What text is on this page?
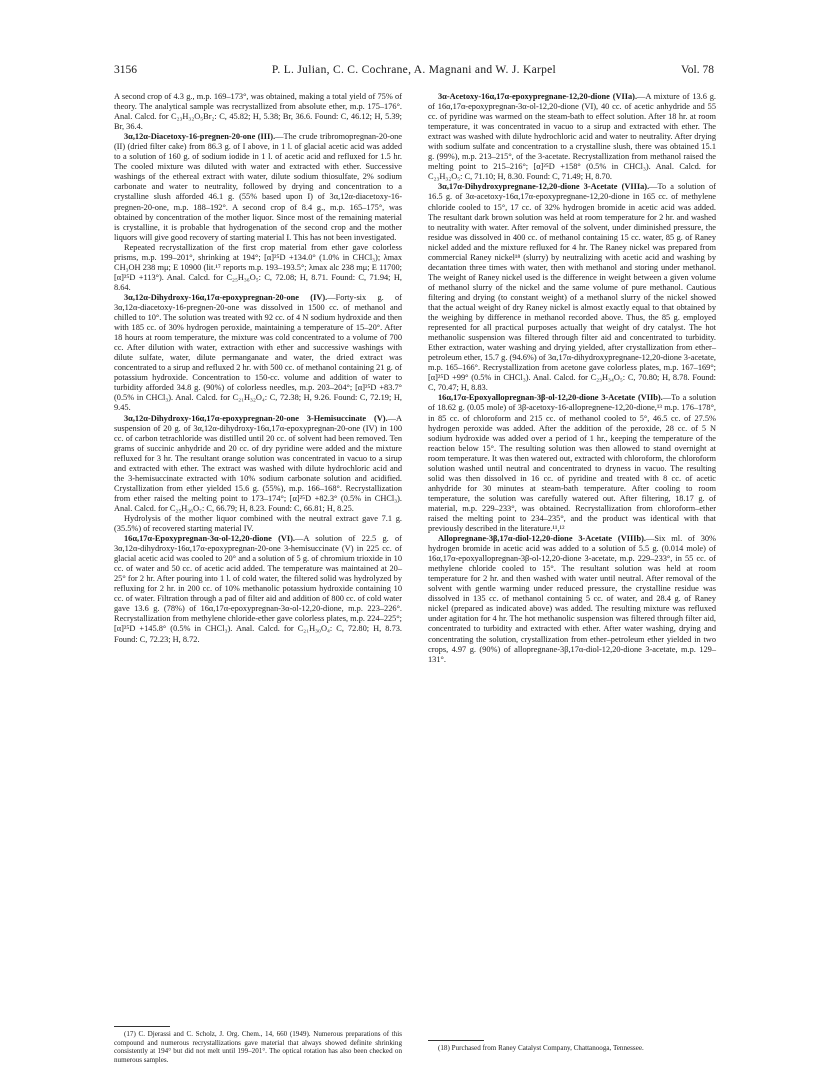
3156	P. L. Julian, C. C. Cochrane, A. Magnani and W. J. Karpel	Vol. 78

A second crop of 4.3 g., m.p. 169–173°, was obtained, making a total yield of 75% of theory. The analytical sample was recrystallized from absolute ether, m.p. 175–176°. Anal. Calcd. for C₂₃H₃₂O₅Br₂: C, 45.82; H, 5.38; Br, 36.6. Found: C, 46.12; H, 5.39; Br, 36.4.

3α,12α-Diacetoxy-16-pregnen-20-one (III).—The crude tribromopregnan-20-one (II) (dried filter cake) from 86.3 g. of I above, in 1 l. of glacial acetic acid was added to a solution of 160 g. of sodium iodide in 1 l. of acetic acid and refluxed for 1.5 hr. The cooled mixture was diluted with water and extracted with ether. Successive washings of the ethereal extract with water, dilute sodium thiosulfate, 2% sodium carbonate and water to neutrality, followed by drying and concentration to a crystalline slush afforded 46.1 g. (55% based upon I) of 3α,12α-diacetoxy-16-pregnen-20-one, m.p. 188–192°. A second crop of 8.4 g., m.p. 165–175°, was obtained by concentration of the mother liquor. Since most of the remaining material is crystalline, it is probable that hydrogenation of the second crop and the mother liquors will give good recovery of starting material I. This has not been investigated.

Repeated recrystallization of the first crop material from ether gave colorless prisms, m.p. 199–201°, shrinking at 194°; [α]²⁵D +134.0° (1.0% in CHCl₃); λmax CH₃OH 238 mμ; E 10900 (lit.¹⁷ reports m.p. 193–193.5°; λmax alc 238 mμ; E 11700; [α]²⁵D +113°). Anal. Calcd. for C₂₅H₃₆O₅: C, 72.08; H, 8.71. Found: C, 71.94; H, 8.64.

3α,12α-Dihydroxy-16α,17α-epoxypregnan-20-one (IV).—Forty-six g. of 3α,12α-diacetoxy-16-pregnen-20-one was dissolved in 1500 cc. of methanol and chilled to 10°. The solution was treated with 92 cc. of 4 N sodium hydroxide and then with 185 cc. of 30% hydrogen peroxide, maintaining a temperature of 15–20°. After 18 hours at room temperature, the mixture was cold concentrated to a volume of 700 cc. After dilution with water, extraction with ether and successive washings with dilute sulfate, water, dilute permanganate and water, the dried extract was concentrated to a sirup and refluxed 2 hr. with 500 cc. of methanol containing 21 g. of potassium hydroxide. Concentration to 150-cc. volume and addition of water to turbidity afforded 34.8 g. (90%) of colorless needles, m.p. 203–204°; [α]²⁵D +83.7° (0.5% in CHCl₃). Anal. Calcd. for C₂₁H₃₂O₄: C, 72.38; H, 9.26. Found: C, 72.19; H, 9.45.

3α,12α-Dihydroxy-16α,17α-epoxypregnan-20-one 3-Hemisuccinate (V).—A suspension of 20 g. of 3α,12α-dihydroxy-16α,17α-epoxypregnan-20-one (IV) in 100 cc. of carbon tetrachloride was distilled until 20 cc. of solvent had been removed. Ten grams of succinic anhydride and 20 cc. of dry pyridine were added and the mixture refluxed for 3 hr. The resultant orange solution was concentrated in vacuo to a sirup and extracted with ether. The extract was washed with dilute hydrochloric acid and the 3-hemisuccinate extracted with 10% sodium carbonate solution and acidified. Crystallization from ether yielded 15.6 g. (55%), m.p. 166–168°. Recrystallization from ether raised the melting point to 173–174°; [α]²⁵D +82.3° (0.5% in CHCl₃). Anal. Calcd. for C₂₅H₃₆O₇: C, 66.79; H, 8.23. Found: C, 66.81; H, 8.25.

Hydrolysis of the mother liquor combined with the neutral extract gave 7.1 g. (35.5%) of recovered starting material IV.

16α,17α-Epoxypregnan-3α-ol-12,20-dione (VI).—A solution of 22.5 g. of 3α,12α-dihydroxy-16α,17α-epoxypregnan-20-one 3-hemisuccinate (V) in 225 cc. of glacial acetic acid was cooled to 20° and a solution of 5 g. of chromium trioxide in 10 cc. of water and 50 cc. of acetic acid added. The temperature was maintained at 20–25° for 2 hr. After pouring into 1 l. of cold water, the filtered solid was hydrolyzed by refluxing for 2 hr. in 200 cc. of 10% methanolic potassium hydroxide containing 10 cc. of water. Filtration through a pad of filter aid and addition of 800 cc. of cold water gave 13.6 g. (78%) of 16α,17α-epoxypregnan-3α-ol-12,20-dione, m.p. 223–226°. Recrystallization from methylene chloride-ether gave colorless plates, m.p. 224–225°; [α]²⁵D +145.8° (0.5% in CHCl₃). Anal. Calcd. for C₂₁H₃₀O₄: C, 72.80; H, 8.73. Found: C, 72.23; H, 8.72.

(17) C. Djerassi and C. Scholz, J. Org. Chem., 14, 660 (1949). Numerous preparations of this compound and numerous recrystallizations gave material that always showed definite shrinking consistently at 194° but did not melt until 199–201°. The optical rotation has also been checked on numerous samples.

3α-Acetoxy-16α,17α-epoxypregnane-12,20-dione (VIIa).—A mixture of 13.6 g. of 16α,17α-epoxypregnan-3α-ol-12,20-dione (VI), 40 cc. of acetic anhydride and 55 cc. of pyridine was warmed on the steam-bath to effect solution. After 18 hr. at room temperature, it was concentrated in vacuo to a sirup and extracted with ether. The extract was washed with dilute hydrochloric acid and water to neutrality. After drying with sodium sulfate and concentration to a crystalline slush, there was obtained 15.1 g. (99%), m.p. 213–215°, of the 3-acetate. Recrystallization from methanol raised the melting point to 215–216°; [α]²⁵D +158° (0.5% in CHCl₃). Anal. Calcd. for C₂₃H₃₂O₅: C, 71.10; H, 8.30. Found: C, 71.49; H, 8.70.

3α,17α-Dihydroxypregnane-12,20-dione 3-Acetate (VIIIa).—To a solution of 16.5 g. of 3α-acetoxy-16α,17α-epoxypregnane-12,20-dione in 165 cc. of methylene chloride cooled to 15°, 17 cc. of 32% hydrogen bromide in acetic acid was added. The resultant dark brown solution was held at room temperature for 2 hr. and washed to neutrality with water. After removal of the solvent, under diminished pressure, the residue was dissolved in 400 cc. of methanol containing 15 cc. water, 85 g. of Raney nickel added and the mixture refluxed for 4 hr. The Raney nickel was prepared from commercial Raney nickel¹⁸ (slurry) by neutralizing with acetic acid and washing by decantation three times with water, then with methanol and storing under methanol. The weight of Raney nickel used is the difference in weight between a given volume of methanol slurry of the nickel and the same volume of pure methanol. Cautious filtering and drying (to constant weight) of a methanol slurry of the nickel showed that the actual weight of dry Raney nickel is almost exactly equal to that obtained by the weighing by difference in methanol recorded above. Thus, the 85 g. employed represented for all practical purposes actually that weight of dry catalyst. The hot methanolic suspension was filtered through filter aid and concentrated to turbidity. Ether extraction, water washing and drying yielded, after crystallization from ether–petroleum ether, 15.7 g. (94.6%) of 3α,17α-dihydroxypregnane-12,20-dione 3-acetate, m.p. 165–166°. Recrystallization from acetone gave colorless plates, m.p. 167–169°; [α]²⁵D +99° (0.5% in CHCl₃). Anal. Calcd. for C₂₃H₃₄O₅: C, 70.80; H, 8.78. Found: C, 70.47; H, 8.83.

16α,17α-Epoxyallopregnan-3β-ol-12,20-dione 3-Acetate (VIIb).—To a solution of 18.62 g. (0.05 mole) of 3β-acetoxy-16-allopregnene-12,20-dione,¹³ m.p. 176–178°, in 85 cc. of chloroform and 215 cc. of methanol cooled to 5°, 46.5 cc. of 27.5% hydrogen peroxide was added. After the addition of the peroxide, 28 cc. of 5 N sodium hydroxide was added over a period of 1 hr., keeping the temperature of the reaction below 15°. The resulting solution was then allowed to stand overnight at room temperature. It was then watered out, extracted with chloroform, the chloroform solution washed until neutral and concentrated to dryness in vacuo. The resulting solid was then dissolved in 16 cc. of pyridine and treated with 8 cc. of acetic anhydride for 30 minutes at steam-bath temperature. After cooling to room temperature, the solution was carefully watered out. After filtering, 18.17 g. of material, m.p. 229–233°, was obtained. Recrystallization from chloroform–ether raised the melting point to 234–235°, and the product was identical with that previously described in the literature.¹¹,¹²

Allopregnane-3β,17α-diol-12,20-dione 3-Acetate (VIIIb).—Six ml. of 30% hydrogen bromide in acetic acid was added to a solution of 5.5 g. (0.014 mole) of 16α,17α-epoxyallopregnan-3β-ol-12,20-dione 3-acetate, m.p. 229–233°, in 55 cc. of methylene chloride cooled to 15°. The resultant solution was held at room temperature for 2 hr. and then washed with water until neutral. After removal of the solvent with gentle warming under reduced pressure, the crystalline residue was dissolved in 135 cc. of methanol containing 5 cc. of water, and 28.4 g. of Raney nickel (prepared as indicated above) was added. The resulting mixture was refluxed under agitation for 4 hr. The hot methanolic suspension was filtered through filter aid, concentrated to turbidity and extracted with ether. After water washing, drying and concentrating the solution, crystallization from ether–petroleum ether yielded in two crops, 4.97 g. (90%) of allopregnane-3β,17α-diol-12,20-dione 3-acetate, m.p. 129–131°.

(18) Purchased from Raney Catalyst Company, Chattanooga, Tennessee.
